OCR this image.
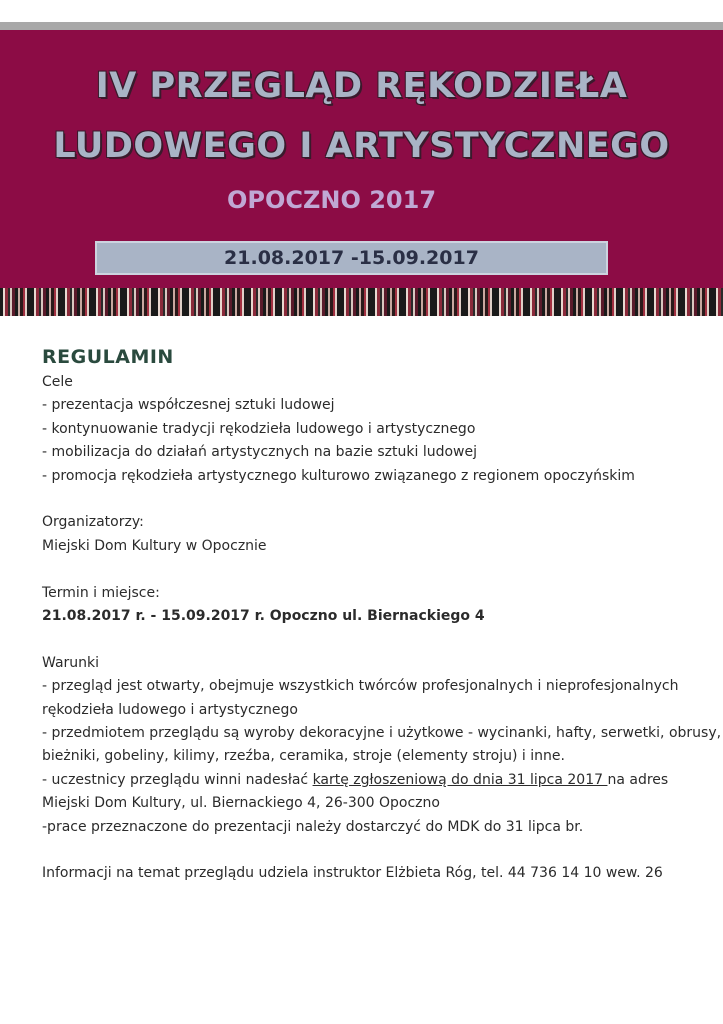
IV PRZEGLĄD RĘKODZIEŁA
LUDOWEGO I ARTYSTYCZNEGO
OPOCZNO 2017
21.08.2017 -15.09.2017
REGULAMIN
Cele
- prezentacja współczesnej sztuki ludowej
- kontynuowanie tradycji rękodzieła ludowego i artystycznego
- mobilizacja do działań artystycznych na bazie sztuki ludowej
- promocja rękodzieła artystycznego kulturowo związanego z regionem opoczyńskim
Organizatorzy:
Miejski Dom Kultury w Opocznie
Termin i miejsce:
21.08.2017 r. - 15.09.2017 r. Opoczno ul. Biernackiego 4
Warunki
- przegląd jest otwarty, obejmuje wszystkich twórców profesjonalnych i nieprofesjonalnych
rękodzieła ludowego i artystycznego
- przedmiotem przeglądu są wyroby dekoracyjne i użytkowe - wycinanki, hafty, serwetki, obrusy,
bieżniki, gobeliny, kilimy, rzeźba, ceramika, stroje (elementy stroju) i inne.
- uczestnicy przeglądu winni nadesłać kartę zgłoszeniową do dnia 31 lipca 2017 na adres
Miejski Dom Kultury, ul. Biernackiego 4, 26-300 Opoczno
-prace przeznaczone do prezentacji należy dostarczyć do MDK do 31 lipca br.
Informacji na temat przeglądu udziela instruktor Elżbieta Róg, tel. 44 736 14 10 wew. 26
